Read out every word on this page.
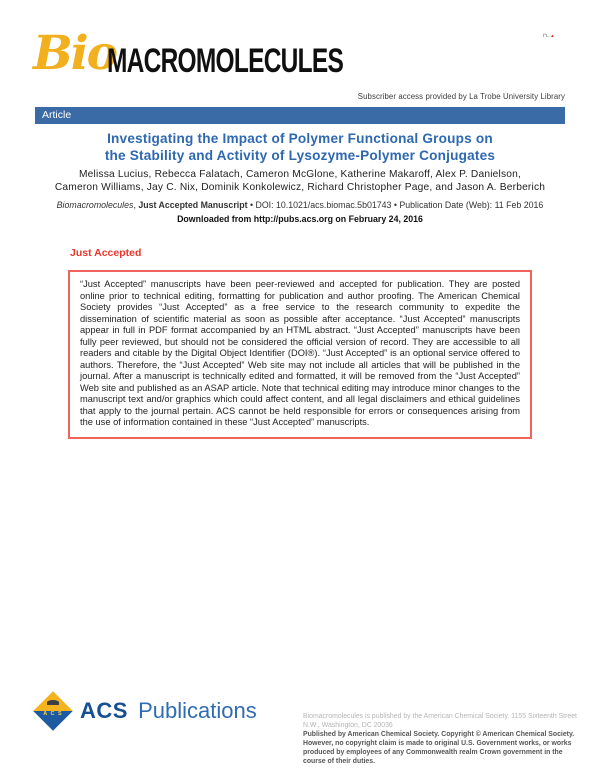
⊓.. ▴
Bio
MACROMOLECULES
Subscriber access provided by La Trobe University Library
Article
Investigating the Impact of Polymer Functional Groups on
the Stability and Activity of Lysozyme-Polymer Conjugates
Melissa Lucius, Rebecca Falatach, Cameron McGlone, Katherine Makaroff, Alex P. Danielson,
Cameron Williams, Jay C. Nix, Dominik Konkolewicz, Richard Christopher Page, and Jason A. Berberich
Biomacromolecules, Just Accepted Manuscript • DOI: 10.1021/acs.biomac.5b01743 • Publication Date (Web): 11 Feb 2016
Downloaded from http://pubs.acs.org on February 24, 2016
Just Accepted
“Just Accepted” manuscripts have been peer-reviewed and accepted for publication. They are posted online prior to technical editing, formatting for publication and author proofing. The American Chemical Society provides “Just Accepted” as a free service to the research community to expedite the dissemination of scientific material as soon as possible after acceptance. “Just Accepted” manuscripts appear in full in PDF format accompanied by an HTML abstract. “Just Accepted” manuscripts have been fully peer reviewed, but should not be considered the official version of record. They are accessible to all readers and citable by the Digital Object Identifier (DOI®). “Just Accepted” is an optional service offered to authors. Therefore, the “Just Accepted” Web site may not include all articles that will be published in the journal. After a manuscript is technically edited and formatted, it will be removed from the “Just Accepted” Web site and published as an ASAP article. Note that technical editing may introduce minor changes to the manuscript text and/or graphics which could affect content, and all legal disclaimers and ethical guidelines that apply to the journal pertain. ACS cannot be held responsible for errors or consequences arising from the use of information contained in these “Just Accepted” manuscripts.
A C S ACS Publications	Biomacromolecules is published by the American Chemical Society. 1155 Sixteenth Street N.W., Washington, DC 20036

Published by American Chemical Society. Copyright © American Chemical Society. However, no copyright claim is made to original U.S. Government works, or works produced by employees of any Commonwealth realm Crown government in the course of their duties.
